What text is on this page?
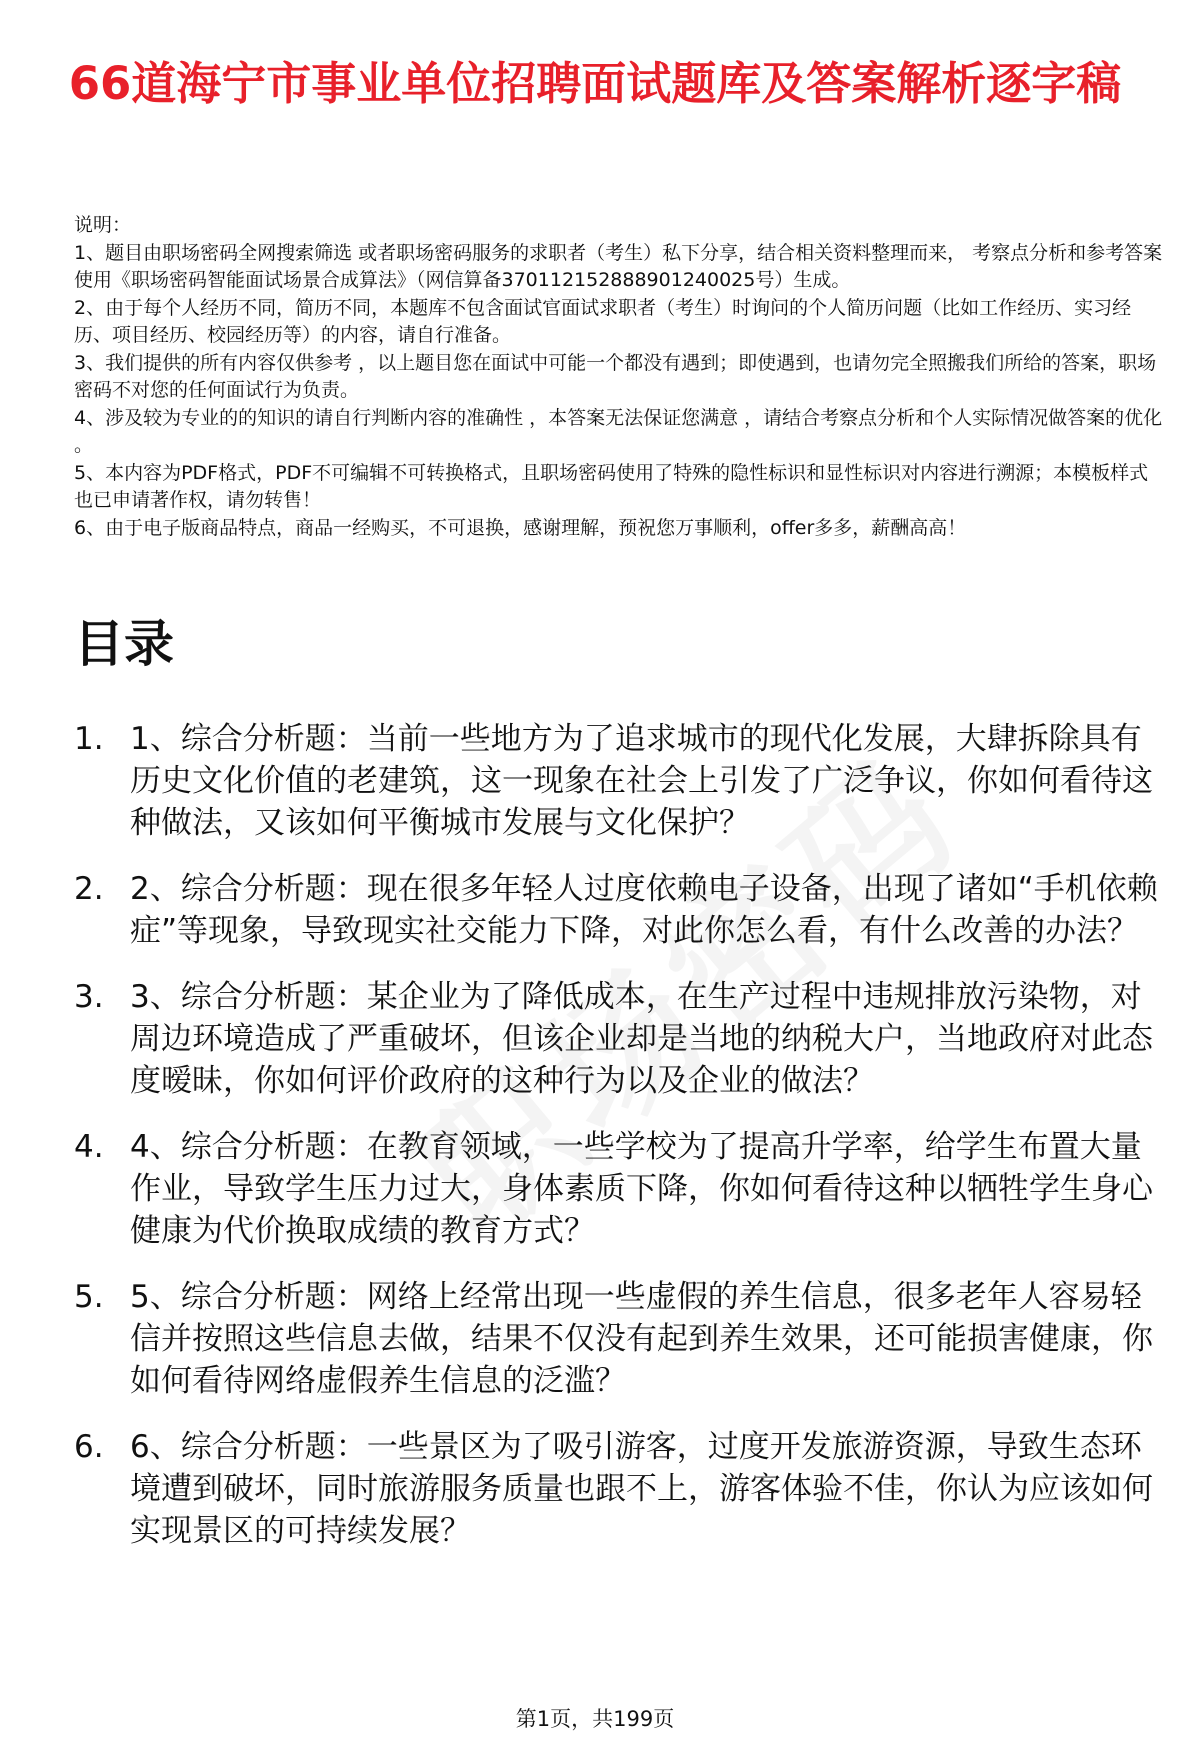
66道海宁市事业单位招聘面试题库及答案解析逐字稿

说明：

1、题目由职场密码全网搜索筛选 或者职场密码服务的求职者（考生）私下分享，结合相关资料整理而来， 考察点分析和参考答案使用《职场密码智能面试场景合成算法》（网信算备370112152888901240025号）生成。

2、由于每个人经历不同，简历不同，本题库不包含面试官面试求职者（考生）时询问的个人简历问题（比如工作经历、实习经历、项目经历、校园经历等）的内容，请自行准备。

3、我们提供的所有内容仅供参考 ，以上题目您在面试中可能一个都没有遇到；即使遇到，也请勿完全照搬我们所给的答案，职场密码不对您的任何面试行为负责。

4、涉及较为专业的的知识的请自行判断内容的准确性 ，本答案无法保证您满意 ，请结合考察点分析和个人实际情况做答案的优化 。

5、本内容为PDF格式，PDF不可编辑不可转换格式，且职场密码使用了特殊的隐性标识和显性标识对内容进行溯源；本模板样式也已申请著作权，请勿转售！

6、由于电子版商品特点，商品一经购买，不可退换，感谢理解，预祝您万事顺利，offer多多，薪酬高高！

目录
1. 1、综合分析题：当前一些地方为了追求城市的现代化发展，大肆拆除具有历史文化价值的老建筑，这一现象在社会上引发了广泛争议，你如何看待这种做法，又该如何平衡城市发展与文化保护？
2. 2、综合分析题：现在很多年轻人过度依赖电子设备，出现了诸如“手机依赖症”等现象，导致现实社交能力下降，对此你怎么看，有什么改善的办法？
3. 3、综合分析题：某企业为了降低成本，在生产过程中违规排放污染物，对周边环境造成了严重破坏，但该企业却是当地的纳税大户，当地政府对此态度暧昧，你如何评价政府的这种行为以及企业的做法？
4. 4、综合分析题：在教育领域，一些学校为了提高升学率，给学生布置大量作业，导致学生压力过大，身体素质下降，你如何看待这种以牺牲学生身心健康为代价换取成绩的教育方式？
5. 5、综合分析题：网络上经常出现一些虚假的养生信息，很多老年人容易轻信并按照这些信息去做，结果不仅没有起到养生效果，还可能损害健康，你如何看待网络虚假养生信息的泛滥？
6. 6、综合分析题：一些景区为了吸引游客，过度开发旅游资源，导致生态环境遭到破坏，同时旅游服务质量也跟不上，游客体验不佳，你认为应该如何实现景区的可持续发展？
第1页，共199页
